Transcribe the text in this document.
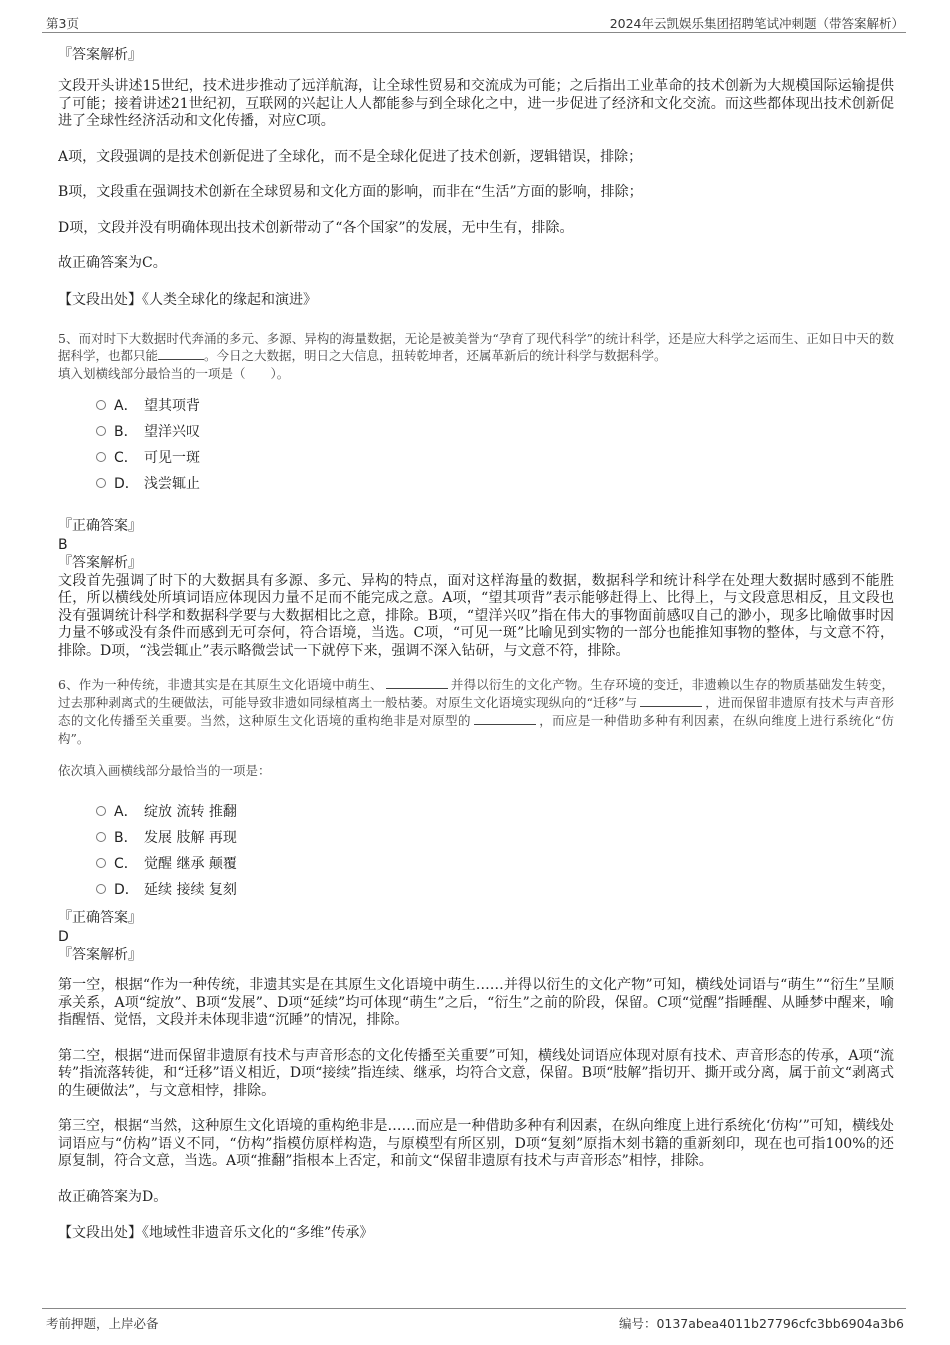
第3页	2024年云凯娱乐集团招聘笔试冲刺题（带答案解析）

『答案解析』

文段开头讲述15世纪，技术进步推动了远洋航海，让全球性贸易和交流成为可能；之后指出工业革命的技术创新为大规模国际运输提供了可能；接着讲述21世纪初，互联网的兴起让人人都能参与到全球化之中，进一步促进了经济和文化交流。而这些都体现出技术创新促进了全球性经济活动和文化传播，对应C项。

A项，文段强调的是技术创新促进了全球化，而不是全球化促进了技术创新，逻辑错误，排除；

B项，文段重在强调技术创新在全球贸易和文化方面的影响，而非在“生活”方面的影响，排除；

D项，文段并没有明确体现出技术创新带动了“各个国家”的发展，无中生有，排除。

故正确答案为C。

【文段出处】《人类全球化的缘起和演进》

5、而对时下大数据时代奔涌的多元、多源、异构的海量数据，无论是被美誉为“孕育了现代科学”的统计科学，还是应大科学之运而生、正如日中天的数据科学，也都只能	。今日之大数据，明日之大信息，扭转乾坤者，还属革新后的统计科学与数据科学。

填入划横线部分最恰当的一项是（　　）。

A． 望其项背
B． 望洋兴叹
C． 可见一斑
D． 浅尝辄止

『正确答案』

B

『答案解析』

文段首先强调了时下的大数据具有多源、多元、异构的特点，面对这样海量的数据，数据科学和统计科学在处理大数据时感到不能胜任，所以横线处所填词语应体现因力量不足而不能完成之意。A项，“望其项背”表示能够赶得上、比得上，与文段意思相反，且文段也没有强调统计科学和数据科学要与大数据相比之意，排除。B项，“望洋兴叹”指在伟大的事物面前感叹自己的渺小，现多比喻做事时因力量不够或没有条件而感到无可奈何，符合语境，当选。C项，“可见一斑”比喻见到实物的一部分也能推知事物的整体，与文意不符，排除。D项，“浅尝辄止”表示略微尝试一下就停下来，强调不深入钻研，与文意不符，排除。

6、作为一种传统，非遗其实是在其原生文化语境中萌生、	并得以衍生的文化产物。生存环境的变迁，非遗赖以生存的物质基础发生转变，过去那种剥离式的生硬做法，可能导致非遗如同绿植离土一般枯萎。对原生文化语境实现纵向的“迁移”与	，进而保留非遗原有技术与声音形态的文化传播至关重要。当然，这种原生文化语境的重构绝非是对原型的	，而应是一种借助多种有利因素，在纵向维度上进行系统化“仿构”。

依次填入画横线部分最恰当的一项是：

A． 绽放 流转 推翻
B． 发展 肢解 再现
C． 觉醒 继承 颠覆
D． 延续 接续 复刻

『正确答案』

D

『答案解析』

第一空，根据“作为一种传统，非遗其实是在其原生文化语境中萌生……并得以衍生的文化产物”可知，横线处词语与“萌生”“衍生”呈顺承关系，A项“绽放”、B项“发展”、D项“延续”均可体现“萌生”之后，“衍生”之前的阶段，保留。C项“觉醒”指睡醒、从睡梦中醒来，喻指醒悟、觉悟，文段并未体现非遗“沉睡”的情况，排除。

第二空，根据“进而保留非遗原有技术与声音形态的文化传播至关重要”可知，横线处词语应体现对原有技术、声音形态的传承，A项“流转”指流落转徙，和“迁移”语义相近，D项“接续”指连续、继承，均符合文意，保留。B项“肢解”指切开、撕开或分离，属于前文“剥离式的生硬做法”，与文意相悖，排除。

第三空，根据“当然，这种原生文化语境的重构绝非是……而应是一种借助多种有利因素，在纵向维度上进行系统化‘仿构’”可知，横线处词语应与“仿构”语义不同，“仿构”指模仿原样构造，与原模型有所区别，D项“复刻”原指木刻书籍的重新刻印，现在也可指100%的还原复制，符合文意，当选。A项“推翻”指根本上否定，和前文“保留非遗原有技术与声音形态”相悖，排除。

故正确答案为D。

【文段出处】《地域性非遗音乐文化的“多维”传承》

考前押题，上岸必备	编号：0137abea4011b27796cfc3bb6904a3b6
